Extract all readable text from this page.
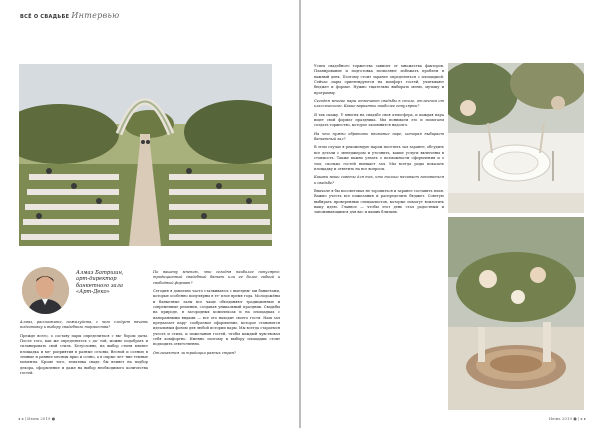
ВСЁ О СВАДЬБЕ Интервью
Алмаз Батршин,
арт-директор
банкетного зала
«Арт-Деко»

Алмаз, расскажите, пожалуйста, с чего следует начать подготовку к выбору свадебного торжества?

Прежде всего, о составу пары определиться с вы- бором даты. После того, как же определитесь с да- той, можно подобрать и спланировать свой стиль. Безусловно, на выбор стиля влияет площадка и ме- роприятия в разные сезоны. Весной и осенью в земные и ранние месяцы ярко и сочно, а в сырые лет- ние темные моменты. Кроме того, тематика свадь- бы влияет на подбор декора, оформление и даже на выбор необходимого количества гостей.

По вашему мнению, что сегодня наиболее популярно: традиционный свадебный банкет или ее более гибкий и свободный формат?

Сегодня я довольно часто сталкиваюсь с выездны- ми банкетами, которые особенно популярны в те- плое время года. Молодожёны и банкетные залы все чаще объединяют традиционные и современные решения, создавая уникальный праздник. Свадьбы на природе, в загородных комплексах и на площадках с панорамными видами — все это находит своего гостя. Наш зал предлагает пару- сообразное оформление, которое становится идеальным фоном для любой истории пары. Мы всегда стараемся учесть и стиль, и пожелания гостей, чтобы каждый чувствовал себя комфортно. Именно поэтому к выбору площадки стоит подходить ответственно.

Отличаются ли традиции разных стран?

◂ ◂ | Июнь 2019 ●

Успех свадебного торжества зависит от множества факторов. Планирование и подготовка позволяют избежать проблем в важный день. Поэтому стоит заранее определиться с площадкой. Сейчас пары ориентируются на комфорт гостей, учитывают бюджет и формат. Нужно тщательно выбирать меню, музыку и программу.

Сегодня многие пары отмечают свадьбы в стиле, отличном от классического. Какие варианты наиболее популярны?

Я так скажу. У многих на свадьбе своя атмосфера, и каждая пара ищет свой формат праздника. Мы понимаем это и помогаем создать торжество, которое запомнится надолго.

На что нужно обратить внимание паре, которая выбирает банкетный зал?

В этом случае я рекомендую парам посетить зал заранее, обсудить все детали с менеджером и уточнить, какие услуги включены в стоимость. Также важно узнать о возможности оформления и о том, сколько гостей вмещает зал. Мы всегда рады показать площадку и ответить на все вопросы.

Каковы ваши советы для тех, кто только начинает готовиться к свадьбе?

Вначале я бы посоветовал не торопиться и заранее составить план. Важно учесть все пожелания и распределить бюджет. Советую выбирать проверенных специалистов, которые помогут воплотить вашу идею. Главное — чтобы этот день стал радостным и запоминающимся для вас и ваших близких.

Июнь 2019 ● | ▸ ▸
